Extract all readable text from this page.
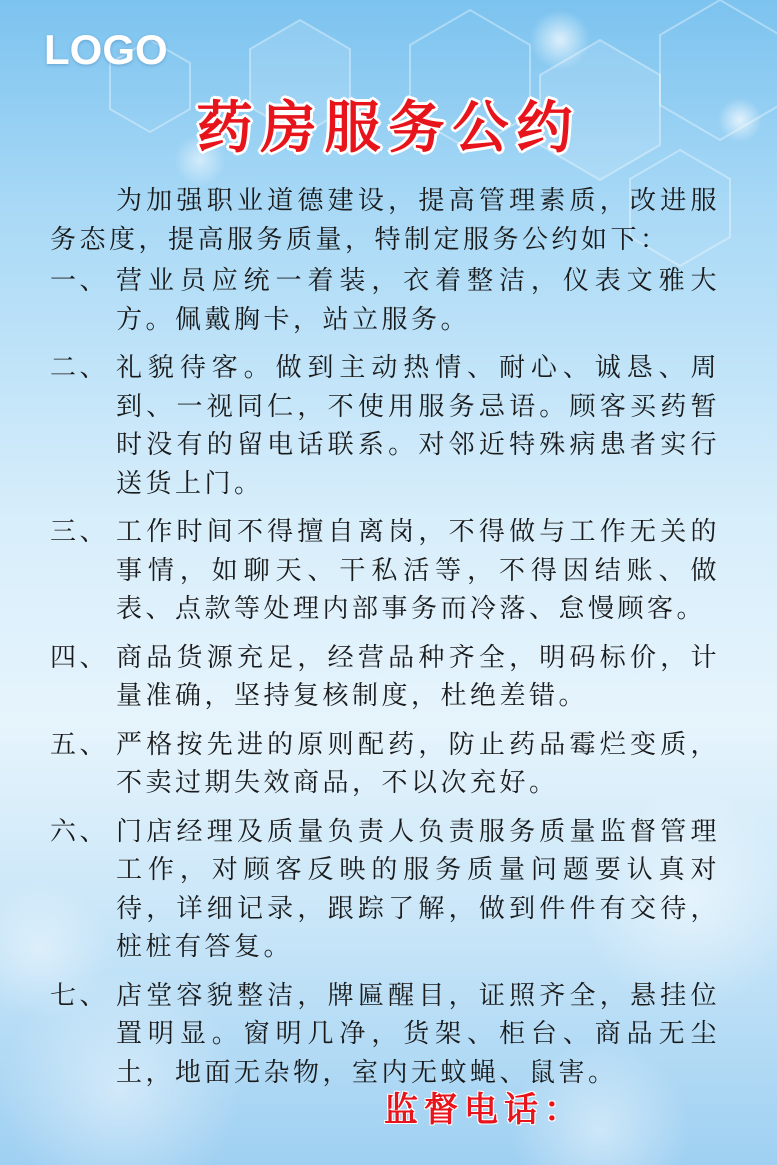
LOGO
药房服务公约

为加强职业道德建设，提高管理素质，改进服务态度，提高服务质量，特制定服务公约如下：

一、 营业员应统一着装，衣着整洁，仪表文雅大方。佩戴胸卡，站立服务。
二、 礼貌待客。做到主动热情、耐心、诚恳、周到、一视同仁，不使用服务忌语。顾客买药暂时没有的留电话联系。对邻近特殊病患者实行送货上门。
三、 工作时间不得擅自离岗，不得做与工作无关的事情，如聊天、干私活等，不得因结账、做表、点款等处理内部事务而冷落、怠慢顾客。
四、 商品货源充足，经营品种齐全，明码标价，计量准确，坚持复核制度，杜绝差错。
五、 严格按先进的原则配药，防止药品霉烂变质，不卖过期失效商品，不以次充好。
六、 门店经理及质量负责人负责服务质量监督管理工作，对顾客反映的服务质量问题要认真对待，详细记录，跟踪了解，做到件件有交待，桩桩有答复。
七、 店堂容貌整洁，牌匾醒目，证照齐全，悬挂位置明显。窗明几净，货架、柜台、商品无尘土，地面无杂物，室内无蚊蝇、鼠害。
监督电话：
